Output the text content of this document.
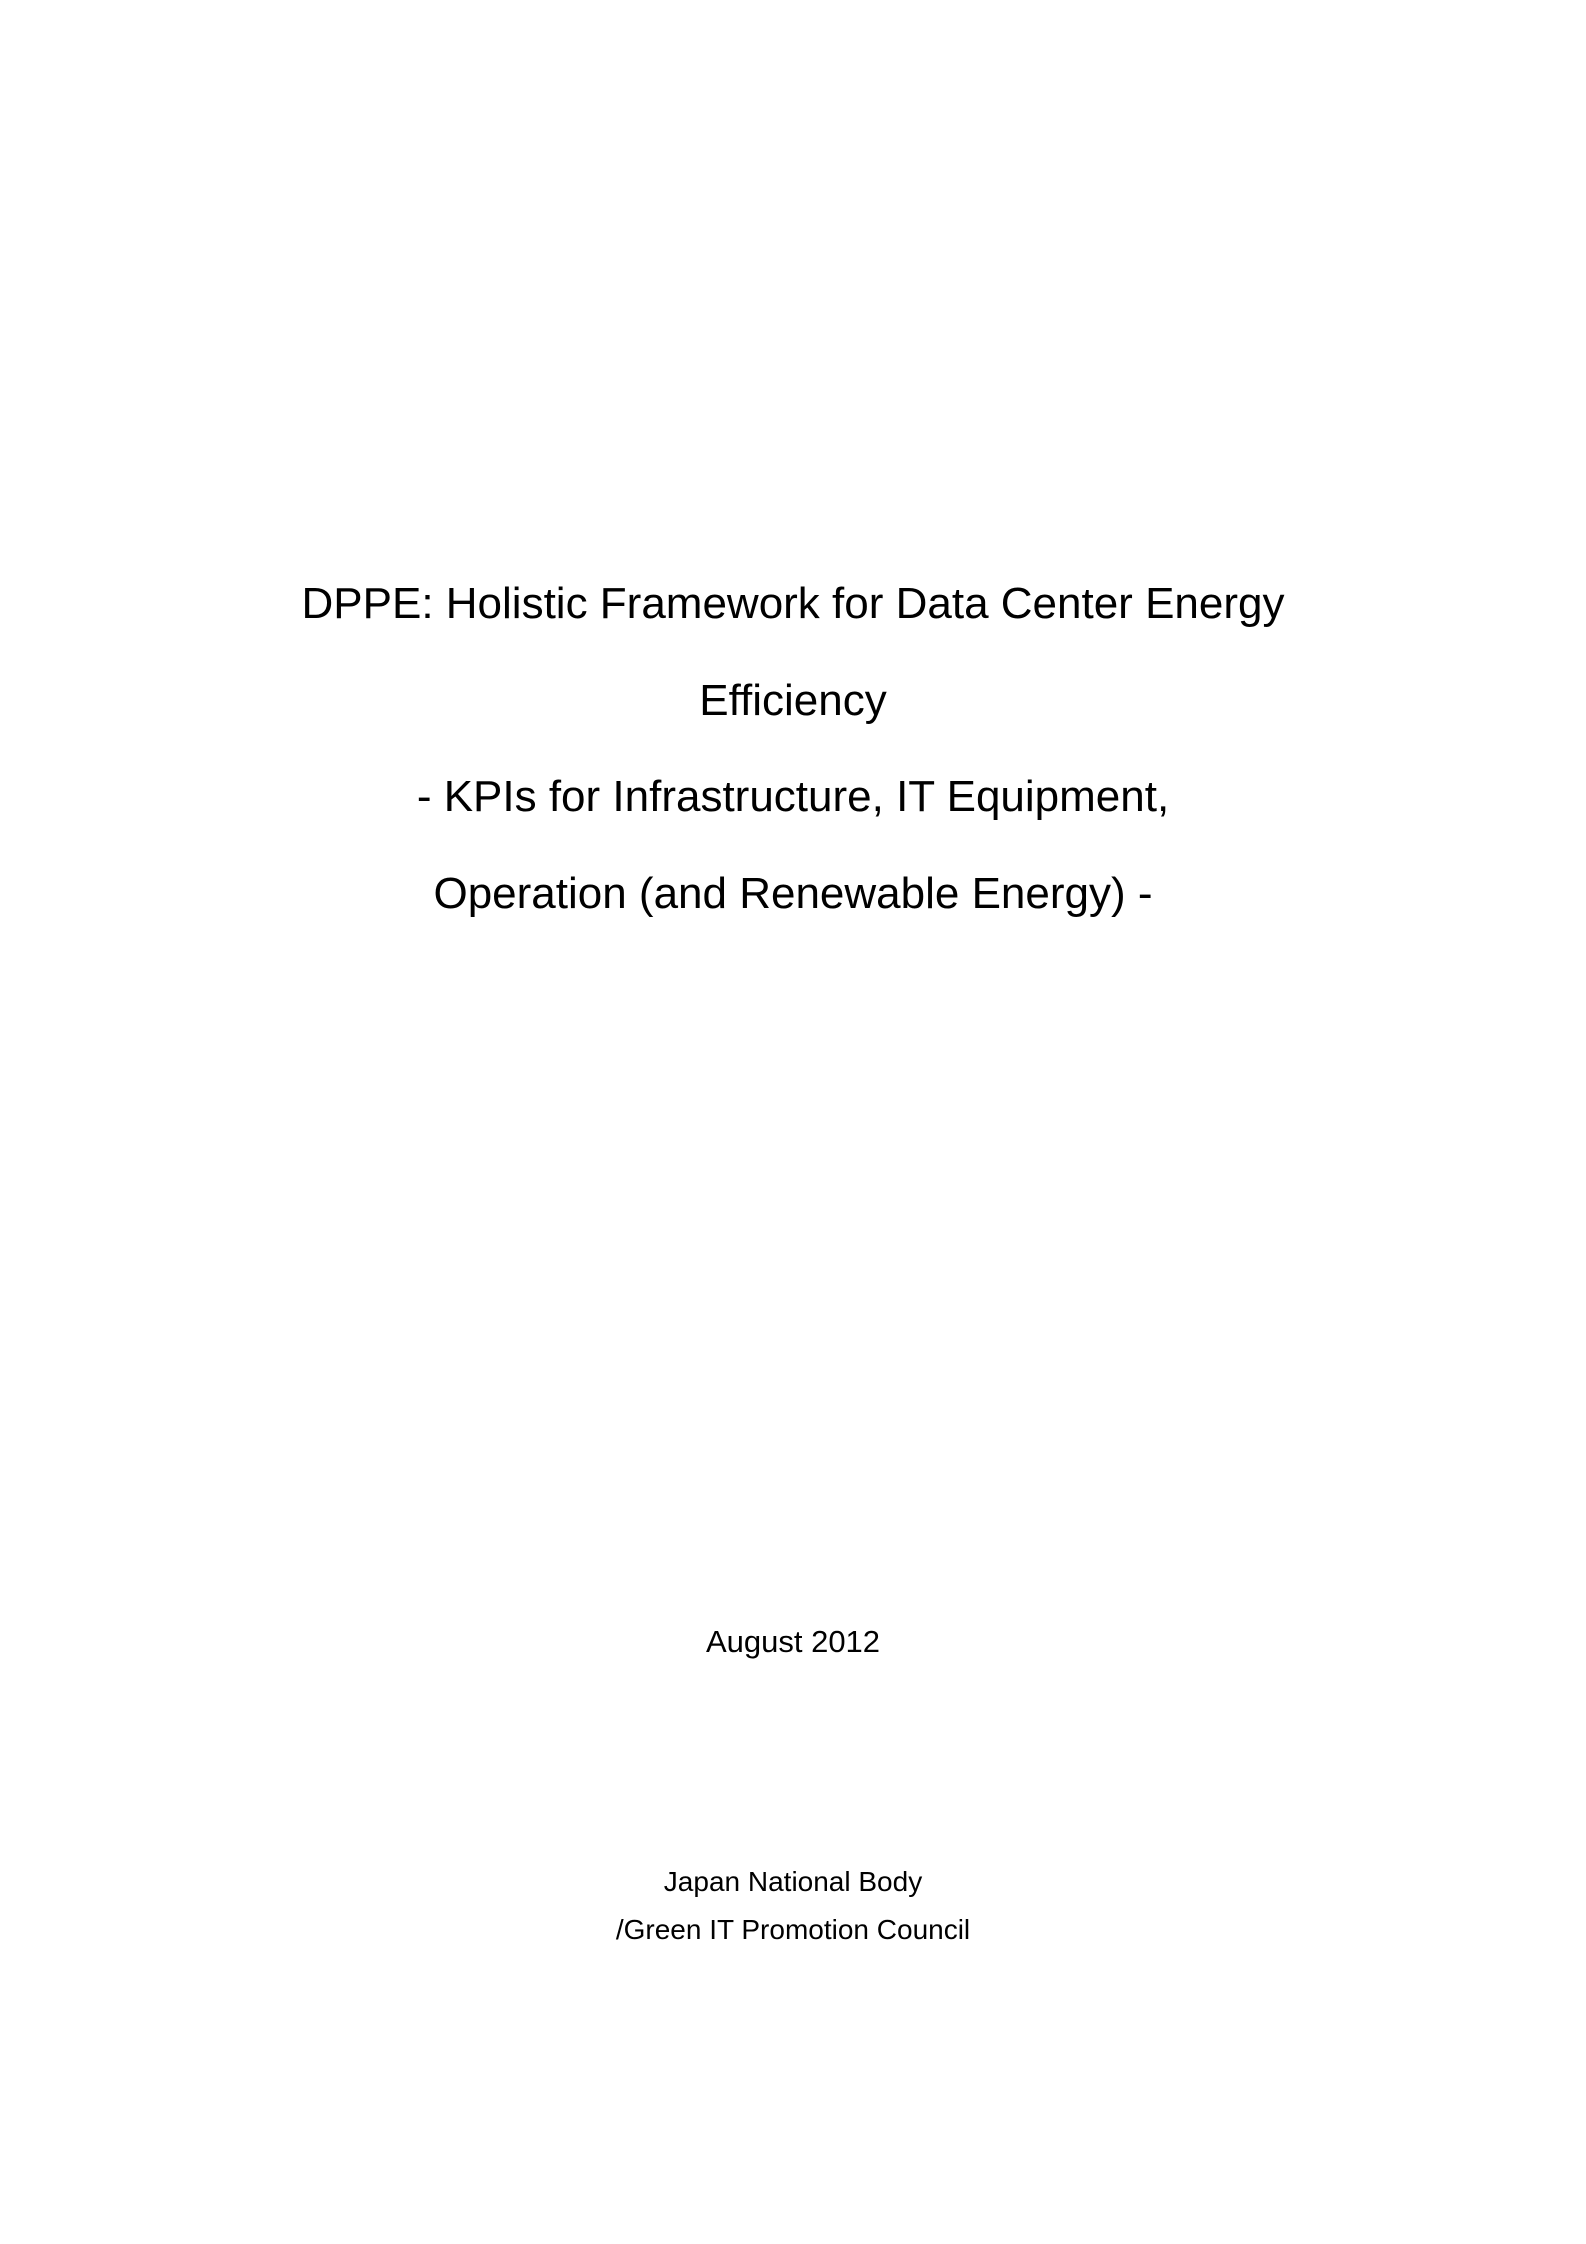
DPPE: Holistic Framework for Data Center Energy
Efficiency
- KPIs for Infrastructure, IT Equipment,
Operation (and Renewable Energy) -
August 2012
Japan National Body
/Green IT Promotion Council
